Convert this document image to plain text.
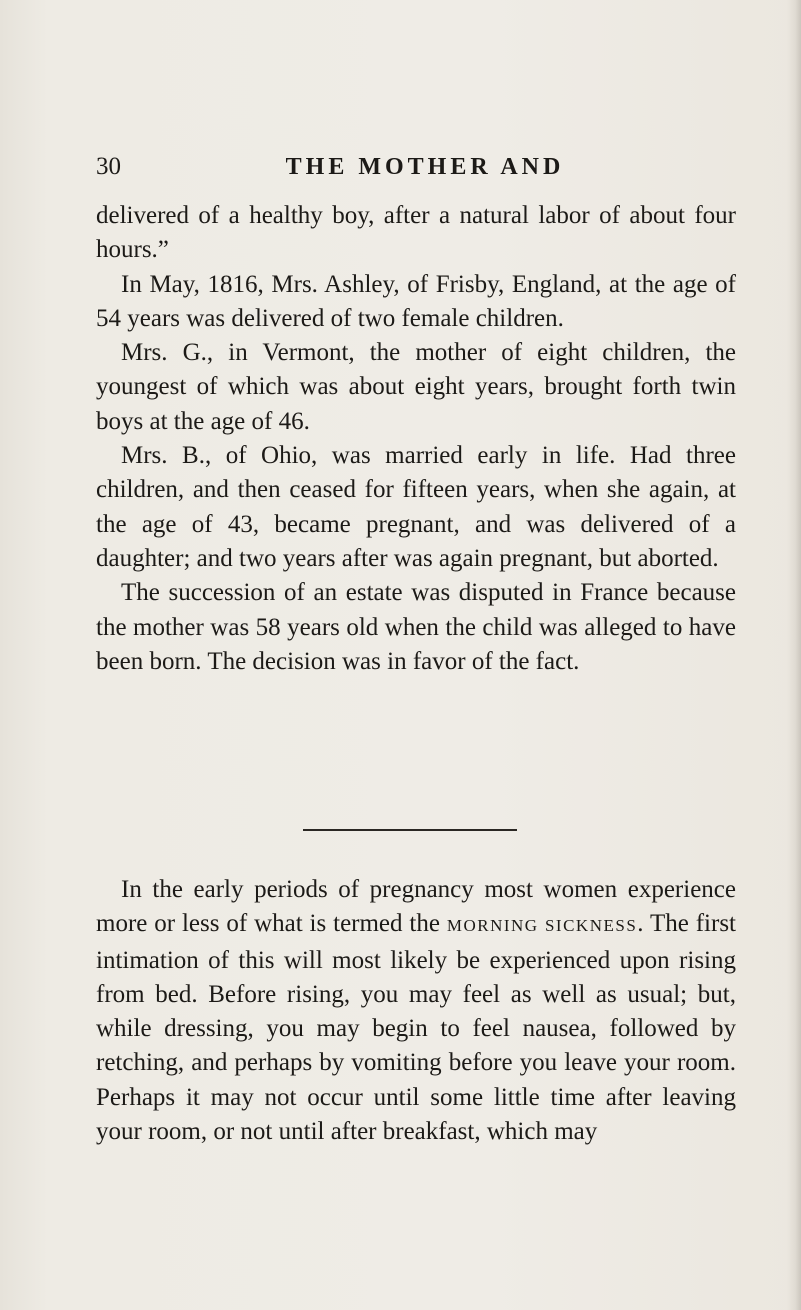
30	THE MOTHER AND

delivered of a healthy boy, after a natural labor of about four hours.”

In May, 1816, Mrs. Ashley, of Frisby, England, at the age of 54 years was delivered of two female children.

Mrs. G., in Vermont, the mother of eight children, the youngest of which was about eight years, brought forth twin boys at the age of 46.

Mrs. B., of Ohio, was married early in life. Had three children, and then ceased for fifteen years, when she again, at the age of 43, became pregnant, and was delivered of a daughter; and two years after was again pregnant, but aborted.

The succession of an estate was disputed in France because the mother was 58 years old when the child was alleged to have been born. The decision was in favor of the fact.

In the early periods of pregnancy most women experience more or less of what is termed the MORNING SICKNESS. The first intimation of this will most likely be experienced upon rising from bed. Before rising, you may feel as well as usual; but, while dressing, you may begin to feel nausea, followed by retching, and perhaps by vomiting before you leave your room. Perhaps it may not occur until some little time after leaving your room, or not until after breakfast, which may
